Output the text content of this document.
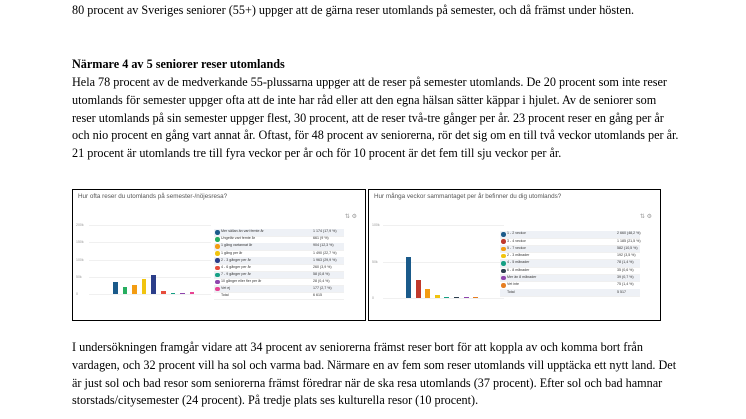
80 procent av Sveriges seniorer (55+) uppger att de gärna reser utomlands på semester, och då främst under hösten.

Närmare 4 av 5 seniorer reser utomlands

Hela 78 procent av de medverkande 55-plussarna uppger att de reser på semester utomlands. De 20 procent som inte reser utomlands för semester uppger ofta att de inte har råd eller att den egna hälsan sätter käppar i hjulet. Av de seniorer som reser utomlands på sin semester uppger flest, 30 procent, att de reser två-tre gånger per år. 23 procent reser en gång per år och nio procent en gång vart annat år. Oftast, för 48 procent av seniorerna, rör det sig om en till två veckor utomlands per år. 21 procent är utomlands tre till fyra veckor per år och för 10 procent är det fem till sju veckor per år.

Hur ofta reser du utomlands på semester-/nöjesresa?
⇅ ⚙
200k
150k
100k
50k
0
Mer sällan än vart femte år	1 174 (17,9 %)
Ungefär vart femte år	661 (9 %)
1 gång vartannat år	904 (12,3 %)
1 gång per år	1 490 (22,7 %)
2 - 3 gånger per år	1 963 (29,9 %)
4 - 6 gånger per år	260 (3,9 %)
7 - 9 gånger per år	58 (0,8 %)
10 gånger eller fler per år	28 (0,4 %)
Vet ej	177 (2,7 %)
Total	6 615
Hur många veckor sammantaget per år befinner du dig utomlands?
⇅ ⚙
100k
50k
0
1 - 2 veckor	2 660 (48,2 %)
3 - 4 veckor	1 185 (21,5 %)
5 - 7 veckor	582 (10,5 %)
2 - 3 månader	192 (3,5 %)
4 - 5 månader	78 (1,4 %)
6 - 8 månader	35 (0,6 %)
Mer än 8 månader	39 (0,7 %)
Vet inte	75 (1,4 %)
Total	5 517

I undersökningen framgår vidare att 34 procent av seniorerna främst reser bort för att koppla av och komma bort från vardagen, och 32 procent vill ha sol och varma bad. Närmare en av fem som reser utomlands vill upptäcka ett nytt land. Det är just sol och bad resor som seniorerna främst föredrar när de ska resa utomlands (37 procent). Efter sol och bad hamnar storstads/citysemester (24 procent). På tredje plats ses kulturella resor (10 procent).
